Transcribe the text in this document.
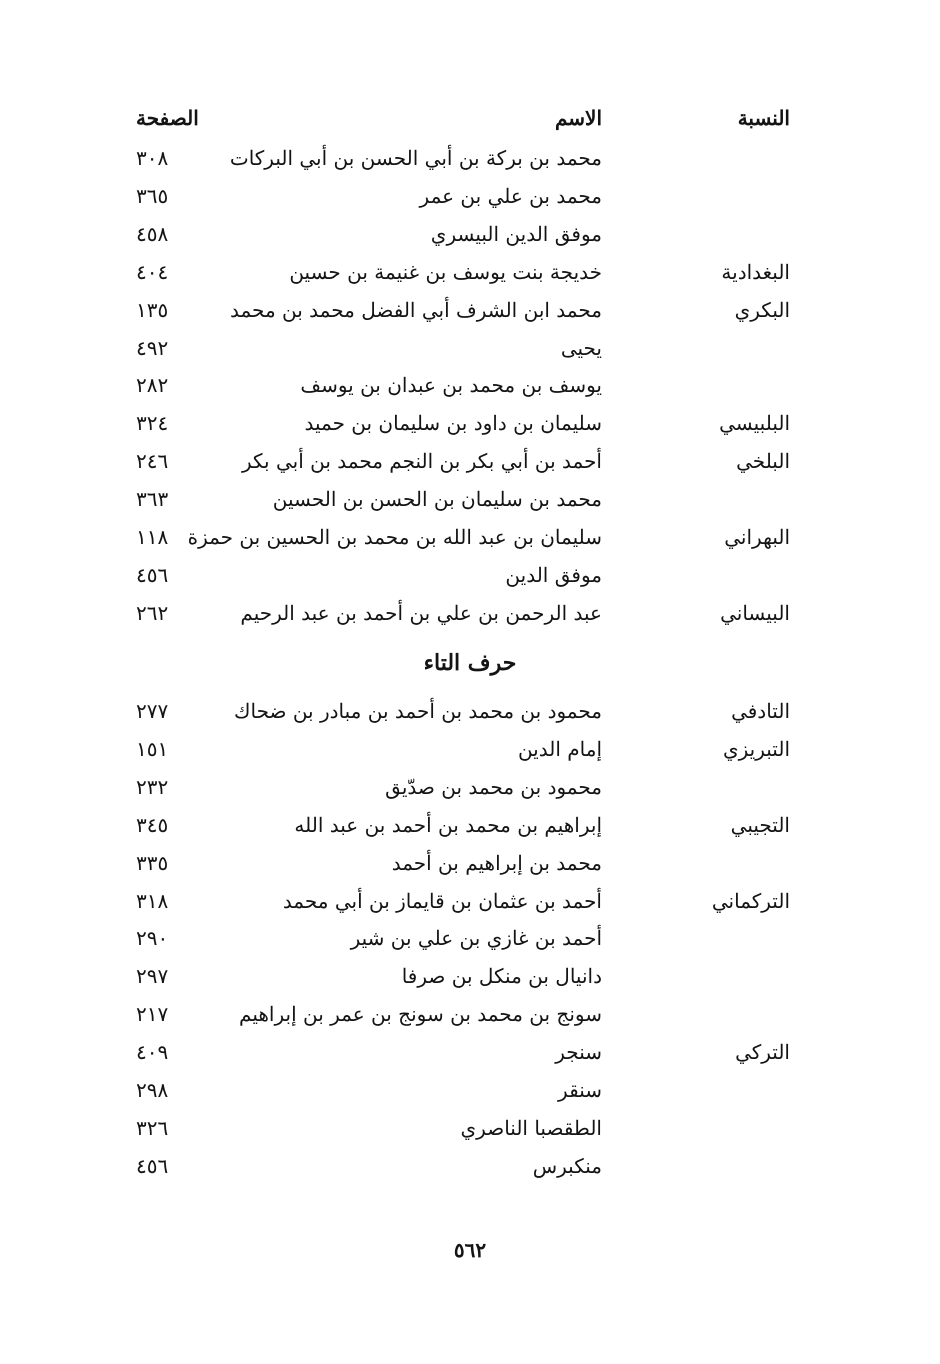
النسبة
الاسم
الصفحة
محمد بن بركة بن أبي الحسن بن أبي البركات
٣٠٨
محمد بن علي بن عمر
٣٦٥
موفق الدين البيسري
٤٥٨
البغدادية
خديجة بنت يوسف بن غنيمة بن حسين
٤٠٤
البكري
محمد ابن الشرف أبي الفضل محمد بن محمد
١٣٥
يحيى
٤٩٢
يوسف بن محمد بن عبدان بن يوسف
٢٨٢
البلبيسي
سليمان بن داود بن سليمان بن حميد
٣٢٤
البلخي
أحمد بن أبي بكر بن النجم محمد بن أبي بكر
٢٤٦
محمد بن سليمان بن الحسن بن الحسين
٣٦٣
البهراني
سليمان بن عبد الله بن محمد بن الحسين بن حمزة
١١٨
موفق الدين
٤٥٦
البيساني
عبد الرحمن بن علي بن أحمد بن عبد الرحيم
٢٦٢
حرف التاء
التادفي
محمود بن محمد بن أحمد بن مبادر بن ضحاك
٢٧٧
التبريزي
إمام الدين
١٥١
محمود بن محمد بن صدّيق
٢٣٢
التجيبي
إبراهيم بن محمد بن أحمد بن عبد الله
٣٤٥
محمد بن إبراهيم بن أحمد
٣٣٥
التركماني
أحمد بن عثمان بن قايماز بن أبي محمد
٣١٨
أحمد بن غازي بن علي بن شير
٢٩٠
دانيال بن منكل بن صرفا
٢٩٧
سونج بن محمد بن سونج بن عمر بن إبراهيم
٢١٧
التركي
سنجر
٤٠٩
سنقر
٢٩٨
الطقصبا الناصري
٣٢٦
منكبرس
٤٥٦
٥٦٢
